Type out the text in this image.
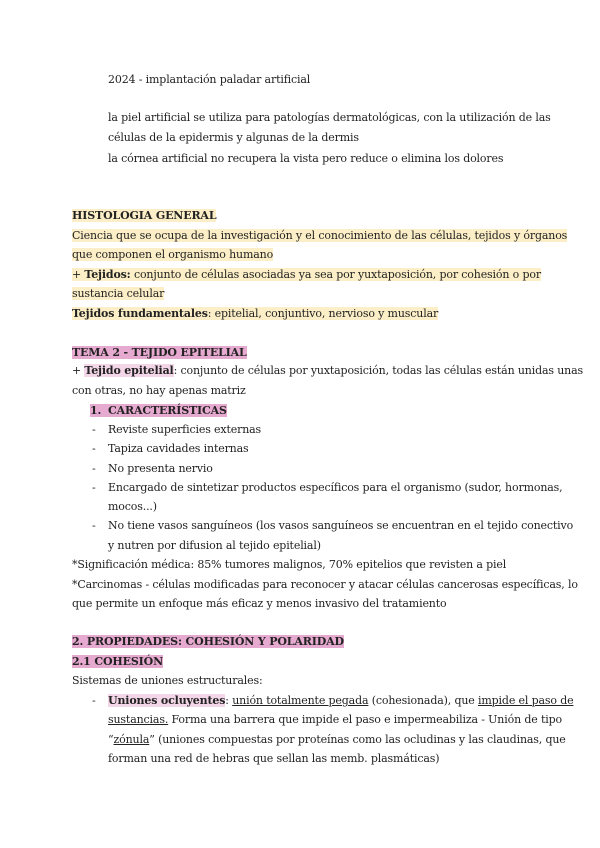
2024 - implantación paladar artificial
la piel artificial se utiliza para patologías dermatológicas, con la utilización de las
células de la epidermis y algunas de la dermis
la córnea artificial no recupera la vista pero reduce o elimina los dolores
HISTOLOGIA GENERAL
Ciencia que se ocupa de la investigación y el conocimiento de las células, tejidos y órganos
que componen el organismo humano
+ Tejidos: conjunto de células asociadas ya sea por yuxtaposición, por cohesión o por
sustancia celular
Tejidos fundamentales: epitelial, conjuntivo, nervioso y muscular
TEMA 2 - TEJIDO EPITELIAL
+ Tejido epitelial: conjunto de células por yuxtaposición, todas las células están unidas unas
con otras, no hay apenas matriz
1. CARACTERÍSTICAS
- Reviste superficies externas
- Tapiza cavidades internas
- No presenta nervio
- Encargado de sintetizar productos específicos para el organismo (sudor, hormonas,
mocos...)
- No tiene vasos sanguíneos (los vasos sanguíneos se encuentran en el tejido conectivo
y nutren por difusion al tejido epitelial)
*Significación médica: 85% tumores malignos, 70% epitelios que revisten a piel
*Carcinomas - células modificadas para reconocer y atacar células cancerosas específicas, lo
que permite un enfoque más eficaz y menos invasivo del tratamiento
2. PROPIEDADES: COHESIÓN Y POLARIDAD
2.1 COHESIÓN
Sistemas de uniones estructurales:
- Uniones ocluyentes: unión totalmente pegada (cohesionada), que impide el paso de
sustancias. Forma una barrera que impide el paso e impermeabiliza - Unión de tipo
“zónula” (uniones compuestas por proteínas como las ocludinas y las claudinas, que
forman una red de hebras que sellan las memb. plasmáticas)
